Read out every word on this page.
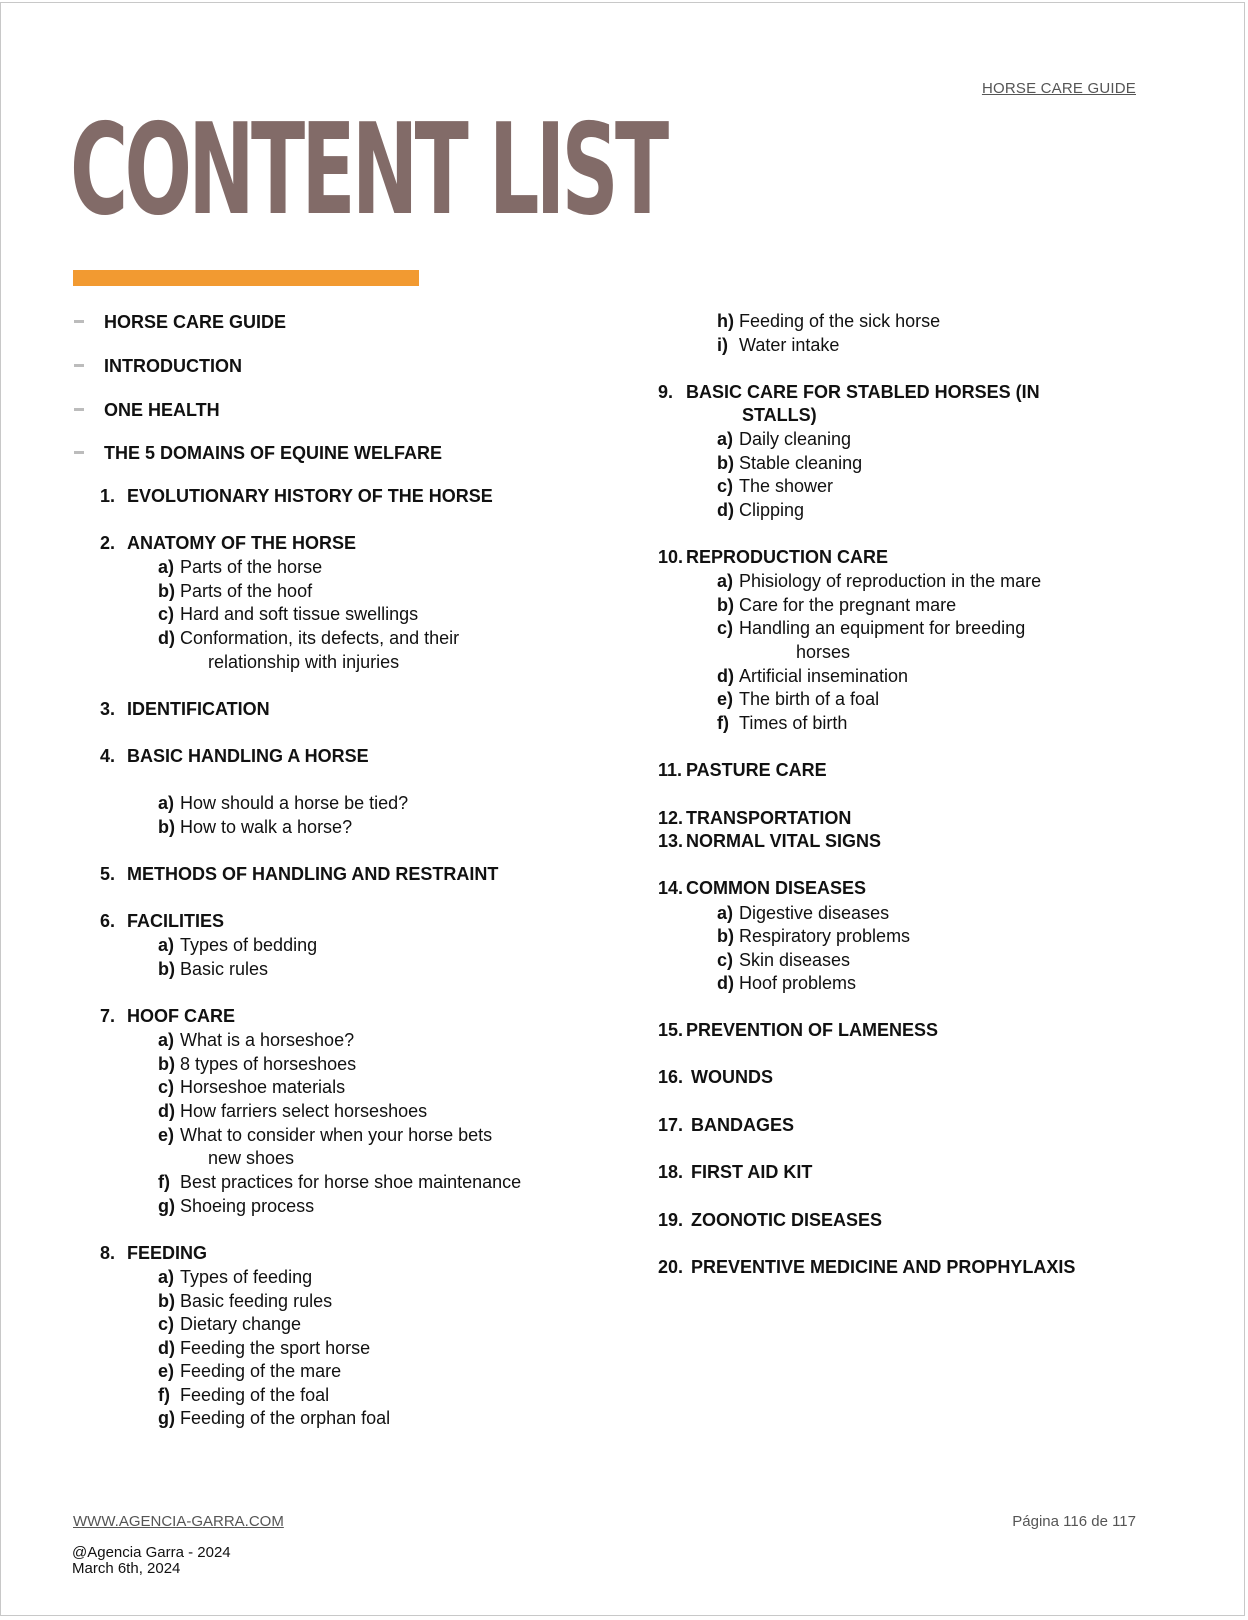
HORSE CARE GUIDE
CONTENT LIST
HORSE CARE GUIDE
INTRODUCTION
ONE HEALTH
THE 5 DOMAINS OF EQUINE WELFARE
1. EVOLUTIONARY HISTORY OF THE HORSE
2. ANATOMY OF THE HORSE
a) Parts of the horse
b) Parts of the hoof
c) Hard and soft tissue swellings
d) Conformation, its defects, and their
relationship with injuries
3. IDENTIFICATION
4. BASIC HANDLING A HORSE
a) How should a horse be tied?
b) How to walk a horse?
5. METHODS OF HANDLING AND RESTRAINT
6. FACILITIES
a) Types of bedding
b) Basic rules
7. HOOF CARE
a) What is a horseshoe?
b) 8 types of horseshoes
c) Horseshoe materials
d) How farriers select horseshoes
e) What to consider when your horse bets
new shoes
f) Best practices for horse shoe maintenance
g) Shoeing process
8. FEEDING
a) Types of feeding
b) Basic feeding rules
c) Dietary change
d) Feeding the sport horse
e) Feeding of the mare
f) Feeding of the foal
g) Feeding of the orphan foal
h) Feeding of the sick horse
i) Water intake
9. BASIC CARE FOR STABLED HORSES (IN
STALLS)
a) Daily cleaning
b) Stable cleaning
c) The shower
d) Clipping
10. REPRODUCTION CARE
a) Phisiology of reproduction in the mare
b) Care for the pregnant mare
c) Handling an equipment for breeding
horses
d) Artificial insemination
e) The birth of a foal
f) Times of birth
11. PASTURE CARE
12. TRANSPORTATION
13. NORMAL VITAL SIGNS
14. COMMON DISEASES
a) Digestive diseases
b) Respiratory problems
c) Skin diseases
d) Hoof problems
15. PREVENTION OF LAMENESS
16. WOUNDS
17. BANDAGES
18. FIRST AID KIT
19. ZOONOTIC DISEASES
20. PREVENTIVE MEDICINE AND PROPHYLAXIS
WWW.AGENCIA-GARRA.COM	Página 116 de 117
@Agencia Garra - 2024
March 6th, 2024
